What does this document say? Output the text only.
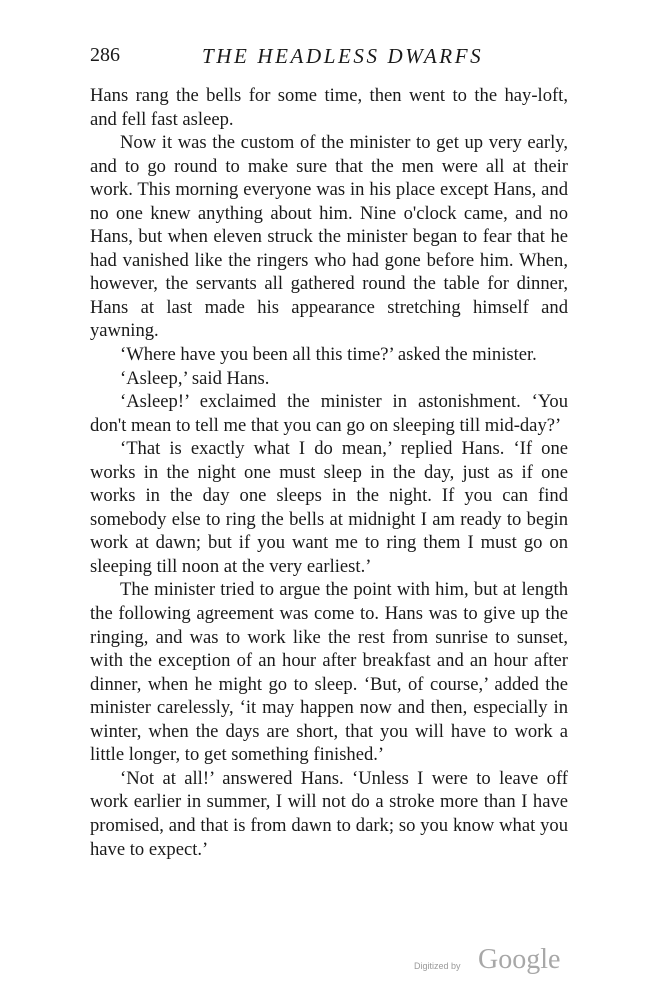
286	THE HEADLESS DWARFS

Hans rang the bells for some time, then went to the hay-loft, and fell fast asleep.

Now it was the custom of the minister to get up very early, and to go round to make sure that the men were all at their work. This morning everyone was in his place except Hans, and no one knew anything about him. Nine o'clock came, and no Hans, but when eleven struck the minister began to fear that he had vanished like the ringers who had gone before him. When, however, the servants all gathered round the table for dinner, Hans at last made his appearance stretching himself and yawning.

‘Where have you been all this time?’ asked the minister.

‘Asleep,’ said Hans.

‘Asleep!’ exclaimed the minister in astonishment. ‘You don't mean to tell me that you can go on sleeping till mid-day?’

‘That is exactly what I do mean,’ replied Hans. ‘If one works in the night one must sleep in the day, just as if one works in the day one sleeps in the night. If you can find somebody else to ring the bells at midnight I am ready to begin work at dawn; but if you want me to ring them I must go on sleeping till noon at the very earliest.’

The minister tried to argue the point with him, but at length the following agreement was come to. Hans was to give up the ringing, and was to work like the rest from sunrise to sunset, with the exception of an hour after breakfast and an hour after dinner, when he might go to sleep. ‘But, of course,’ added the minister carelessly, ‘it may happen now and then, especially in winter, when the days are short, that you will have to work a little longer, to get something finished.’

‘Not at all!’ answered Hans. ‘Unless I were to leave off work earlier in summer, I will not do a stroke more than I have promised, and that is from dawn to dark; so you know what you have to expect.’

Digitized by Google
